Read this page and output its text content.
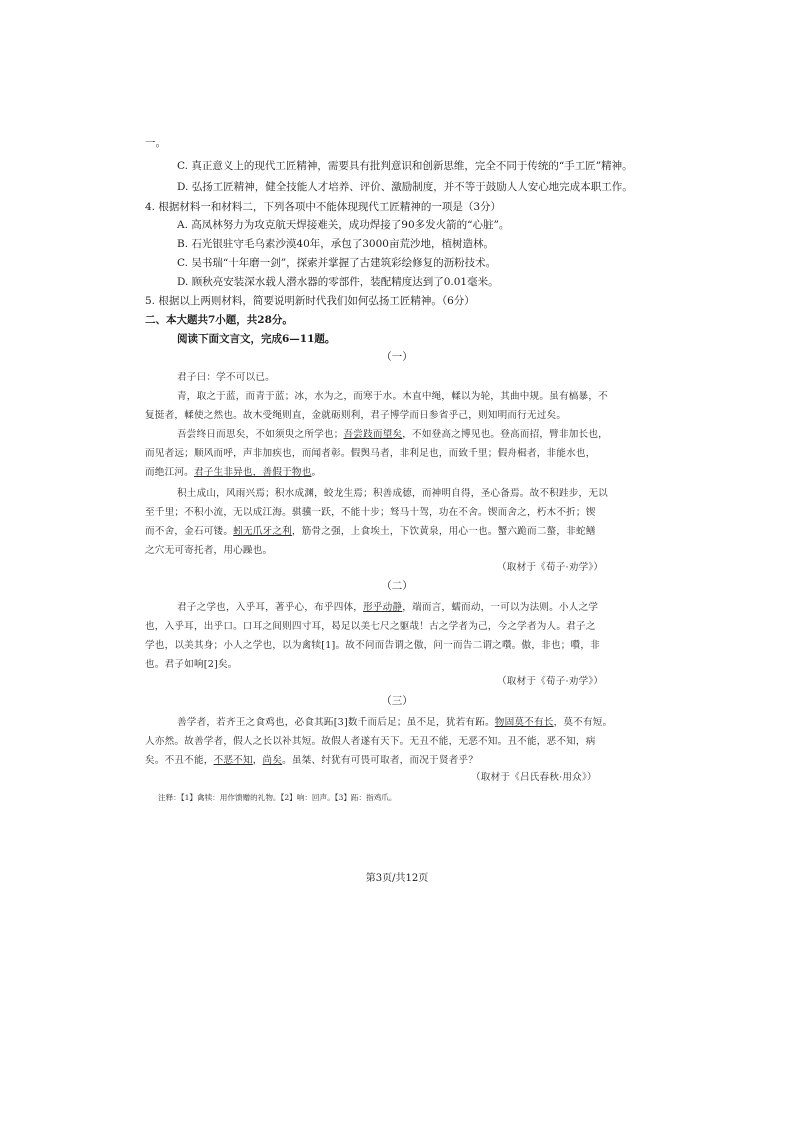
一。
C. 真正意义上的现代工匠精神，需要具有批判意识和创新思维，完全不同于传统的“手工匠”精神。
D. 弘扬工匠精神，健全技能人才培养、评价、激励制度，并不等于鼓励人人安心地完成本职工作。
4. 根据材料一和材料二，下列各项中不能体现现代工匠精神的一项是（3分）
A. 高凤林努力为攻克航天焊接难关，成功焊接了90多发火箭的“心脏”。
B. 石光银驻守毛乌素沙漠40年，承包了3000亩荒沙地，植树造林。
C. 吴书瑞“十年磨一剑”，探索并掌握了古建筑彩绘修复的沥粉技术。
D. 顾秋亮安装深水载人潜水器的零部件，装配精度达到了0.01毫米。
5. 根据以上两则材料，简要说明新时代我们如何弘扬工匠精神。（6分）
二、本大题共7小题，共28分。
阅读下面文言文，完成6—11题。
（一）
君子曰：学不可以已。
青，取之于蓝，而青于蓝；冰，水为之，而寒于水。木直中绳，輮以为轮，其曲中规。虽有槁暴，不
复挺者，輮使之然也。故木受绳则直，金就砺则利，君子博学而日参省乎己，则知明而行无过矣。
吾尝终日而思矣，不如须臾之所学也；吾尝跂而望矣，不如登高之博见也。登高而招，臂非加长也，
而见者远；顺风而呼，声非加疾也，而闻者彰。假舆马者，非利足也，而致千里；假舟楫者，非能水也，
而绝江河。君子生非异也，善假于物也。
积土成山，风雨兴焉；积水成渊，蛟龙生焉；积善成德，而神明自得，圣心备焉。故不积跬步，无以
至千里；不积小流，无以成江海。骐骥一跃，不能十步；驽马十驾，功在不舍。锲而舍之，朽木不折；锲
而不舍，金石可镂。蚓无爪牙之利，筋骨之强，上食埃土，下饮黄泉，用心一也。蟹六跪而二螯，非蛇鳝
之穴无可寄托者，用心躁也。
（取材于《荀子·劝学》）
（二）
君子之学也，入乎耳，著乎心，布乎四体，形乎动静，端而言，蠕而动，一可以为法则。小人之学
也，入乎耳，出乎口。口耳之间则四寸耳，曷足以美七尺之躯哉！古之学者为己，今之学者为人。君子之
学也，以美其身；小人之学也，以为禽犊[1]。故不问而告谓之傲，问一而告二谓之囋。傲，非也；囋，非
也。君子如响[2]矣。
（取材于《荀子·劝学》）
（三）
善学者，若齐王之食鸡也，必食其跖[3]数千而后足；虽不足，犹若有跖。物固莫不有长，莫不有短。
人亦然。故善学者，假人之长以补其短。故假人者遂有天下。无丑不能，无恶不知。丑不能，恶不知，病
矣。不丑不能，不恶不知，尚矣。虽桀、纣犹有可畏可取者，而况于贤者乎？
（取材于《吕氏春秋·用众》）
注释：【1】禽犊：用作馈赠的礼物。【2】响：回声。【3】跖：指鸡爪。
第3页/共12页
